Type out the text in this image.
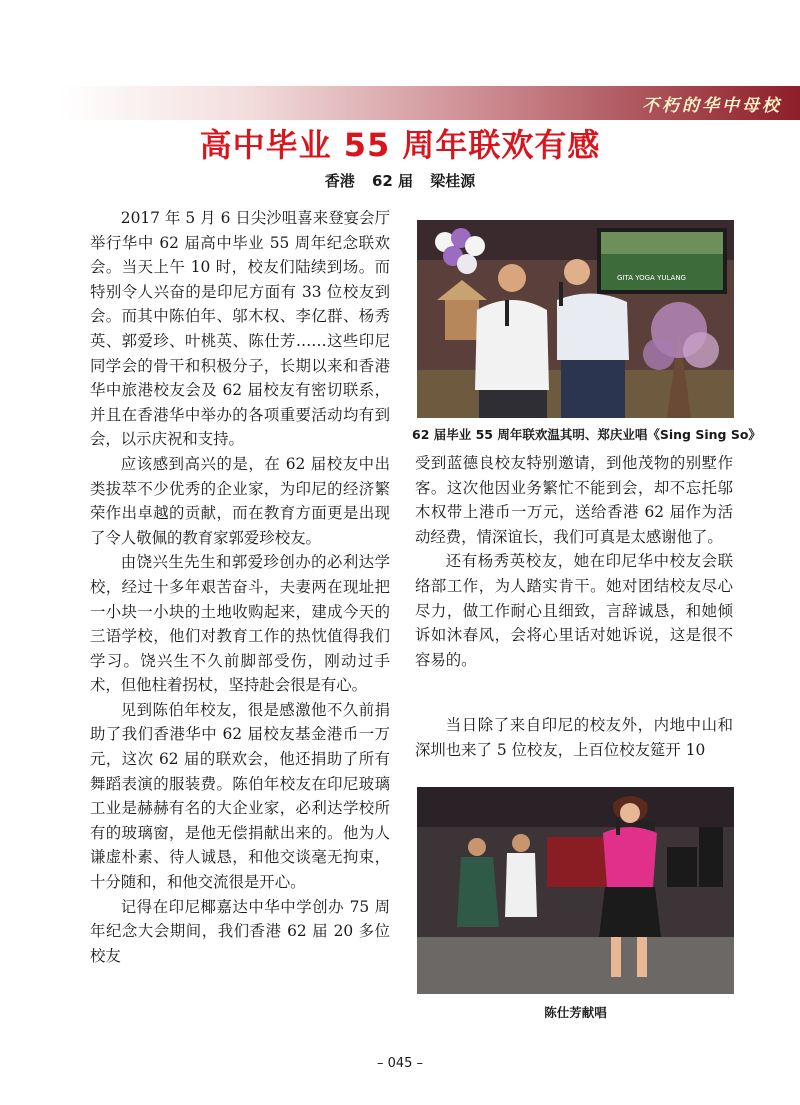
不朽的华中母校
高中毕业 55 周年联欢有感
香港 62 届 梁桂源

2017 年 5 月 6 日尖沙咀喜来登宴会厅举行华中 62 届高中毕业 55 周年纪念联欢会。当天上午 10 时，校友们陆续到场。而特别令人兴奋的是印尼方面有 33 位校友到会。而其中陈伯年、邬木权、李亿群、杨秀英、郭爱珍、叶桃英、陈仕芳……这些印尼同学会的骨干和积极分子，长期以来和香港华中旅港校友会及 62 届校友有密切联系，并且在香港华中举办的各项重要活动均有到会，以示庆祝和支持。

应该感到高兴的是，在 62 届校友中出类拔萃不少优秀的企业家，为印尼的经济繁荣作出卓越的贡献，而在教育方面更是出现了令人敬佩的教育家郭爱珍校友。

由饶兴生先生和郭爱珍创办的必利达学校，经过十多年艰苦奋斗，夫妻两在现址把一小块一小块的土地收购起来，建成今天的三语学校，他们对教育工作的热忱值得我们学习。饶兴生不久前脚部受伤，刚动过手术，但他柱着拐杖，坚持赴会很是有心。

见到陈伯年校友，很是感激他不久前捐助了我们香港华中 62 届校友基金港币一万元，这次 62 届的联欢会，他还捐助了所有舞蹈表演的服装费。陈伯年校友在印尼玻璃工业是赫赫有名的大企业家，必利达学校所有的玻璃窗，是他无偿捐献出来的。他为人谦虚朴素、待人诚恳，和他交谈毫无拘束，十分随和，和他交流很是开心。

记得在印尼椰嘉达中华中学创办 75 周年纪念大会期间，我们香港 62 届 20 多位校友

GITA YOGA YULANG
62 届毕业 55 周年联欢温其明、郑庆业唱《Sing Sing So》

受到蓝德良校友特别邀请，到他茂物的别墅作客。这次他因业务繁忙不能到会，却不忘托邬木权带上港币一万元，送给香港 62 届作为活动经费，情深谊长，我们可真是太感谢他了。

还有杨秀英校友，她在印尼华中校友会联络部工作，为人踏实肯干。她对团结校友尽心尽力，做工作耐心且细致，言辞诚恳，和她倾诉如沐春风，会将心里话对她诉说，这是很不容易的。

当日除了来自印尼的校友外，内地中山和深圳也来了 5 位校友，上百位校友筵开 10

陈仕芳献唱
– 045 –
